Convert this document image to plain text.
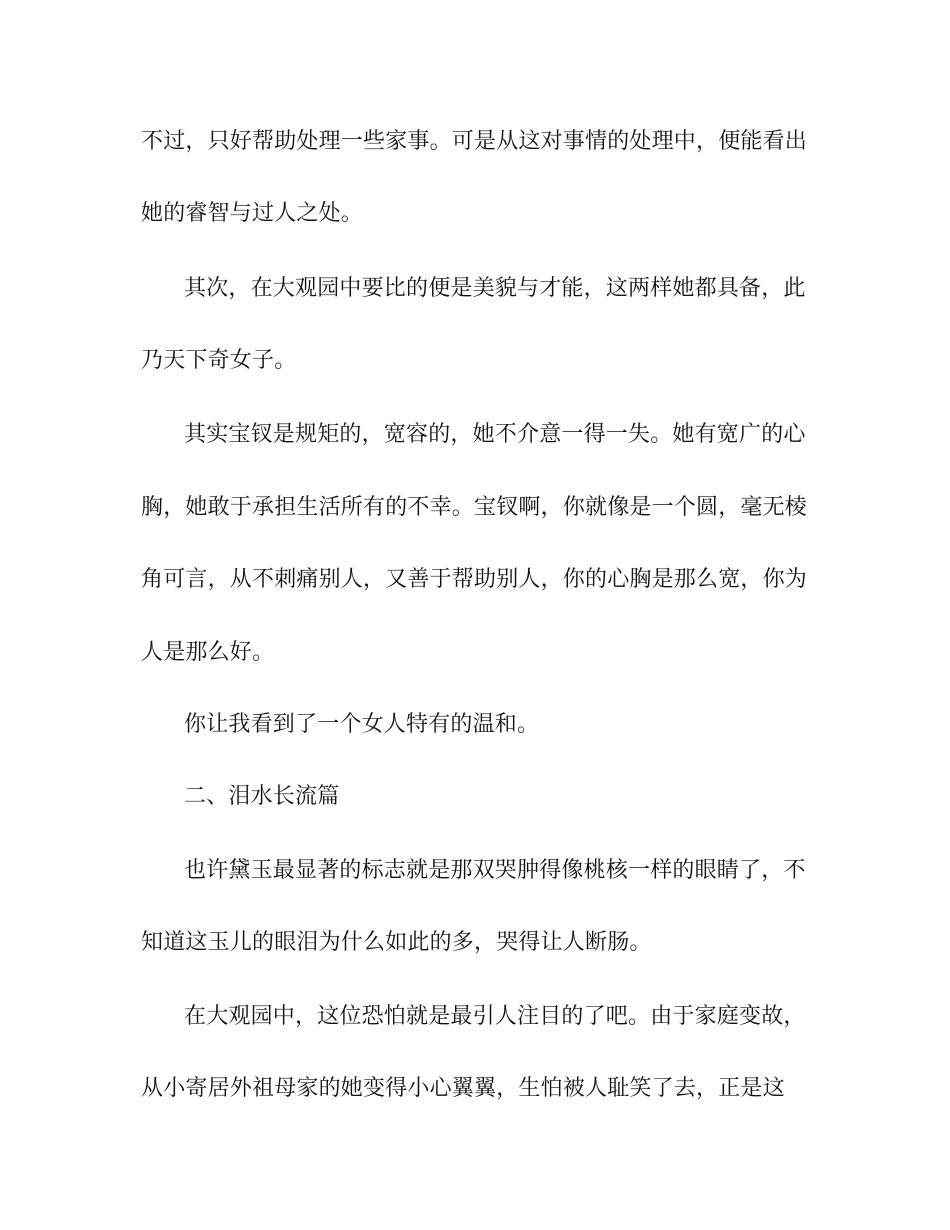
不过，只好帮助处理一些家事。可是从这对事情的处理中，便能看出
她的睿智与过人之处。
其次，在大观园中要比的便是美貌与才能，这两样她都具备，此
乃天下奇女子。
其实宝钗是规矩的，宽容的，她不介意一得一失。她有宽广的心
胸，她敢于承担生活所有的不幸。宝钗啊，你就像是一个圆，毫无棱
角可言，从不刺痛别人，又善于帮助别人，你的心胸是那么宽，你为
人是那么好。
你让我看到了一个女人特有的温和。
二、泪水长流篇
也许黛玉最显著的标志就是那双哭肿得像桃核一样的眼睛了，不
知道这玉儿的眼泪为什么如此的多，哭得让人断肠。
在大观园中，这位恐怕就是最引人注目的了吧。由于家庭变故，
从小寄居外祖母家的她变得小心翼翼，生怕被人耻笑了去，正是这
